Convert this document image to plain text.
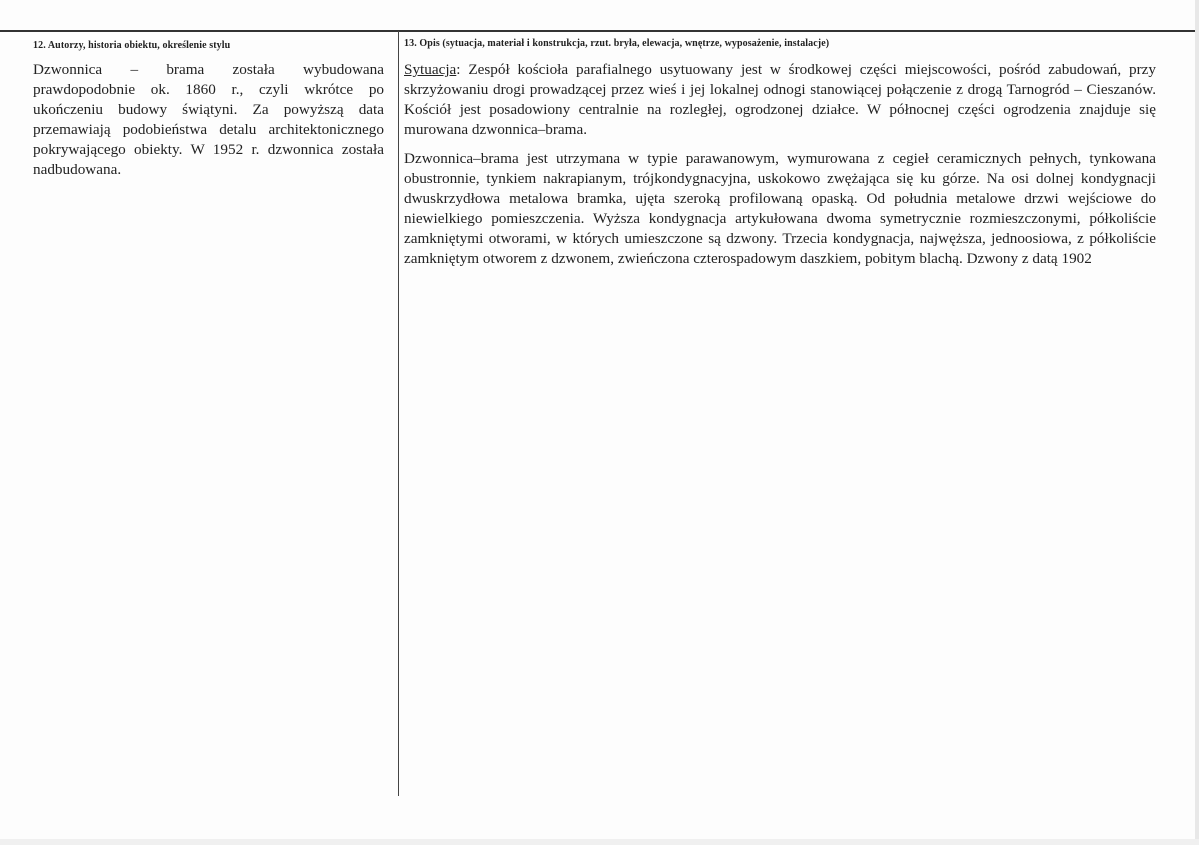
12. Autorzy, historia obiektu, określenie stylu

Dzwonnica – brama została wybudowana prawdopodobnie ok. 1860 r., czyli wkrótce po ukończeniu budowy świątyni. Za powyższą data przemawiają podobieństwa detalu architektonicznego pokrywającego obiekty. W 1952 r. dzwonnica została nadbudowana.

13. Opis (sytuacja, materiał i konstrukcja, rzut. bryła, elewacja, wnętrze, wyposażenie, instalacje)

Sytuacja: Zespół kościoła parafialnego usytuowany jest w środkowej części miejscowości, pośród zabudowań, przy skrzyżowaniu drogi prowadzącej przez wieś i jej lokalnej odnogi stanowiącej połączenie z drogą Tarnogród – Cieszanów. Kościół jest posadowiony centralnie na rozległej, ogrodzonej działce. W północnej części ogrodzenia znajduje się murowana dzwonnica–brama.

Dzwonnica–brama jest utrzymana w typie parawanowym, wymurowana z cegieł ceramicznych pełnych, tynkowana obustronnie, tynkiem nakrapianym, trójkondygnacyjna, uskokowo zwężająca się ku górze. Na osi dolnej kondygnacji dwuskrzydłowa metalowa bramka, ujęta szeroką profilowaną opaską. Od południa metalowe drzwi wejściowe do niewielkiego pomieszczenia. Wyższa kondygnacja artykułowana dwoma symetrycznie rozmieszczonymi, półkoliście zamkniętymi otworami, w których umieszczone są dzwony. Trzecia kondygnacja, najwęższa, jednoosiowa, z półkoliście zamkniętym otworem z dzwonem, zwieńczona czterospadowym daszkiem, pobitym blachą. Dzwony z datą 1902
